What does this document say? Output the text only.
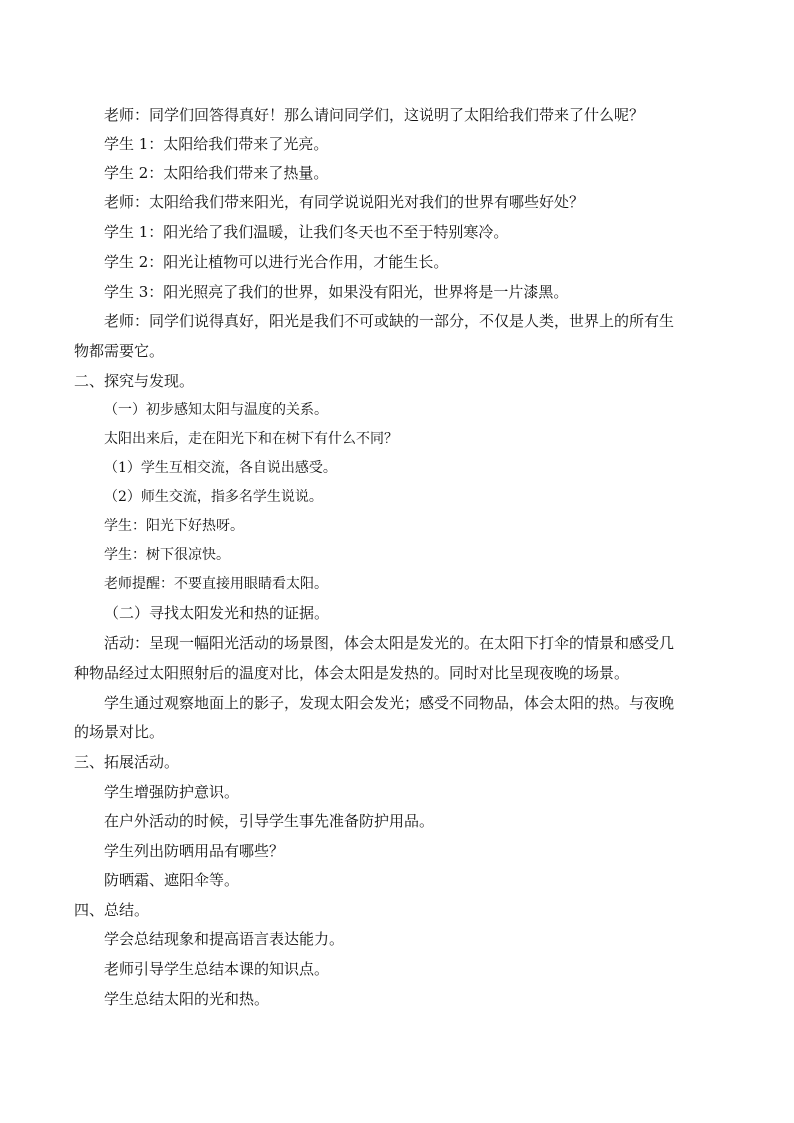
老师：同学们回答得真好！那么请问同学们，这说明了太阳给我们带来了什么呢？
学生 1：太阳给我们带来了光亮。
学生 2：太阳给我们带来了热量。
老师：太阳给我们带来阳光，有同学说说阳光对我们的世界有哪些好处？
学生 1：阳光给了我们温暖，让我们冬天也不至于特别寒冷。
学生 2：阳光让植物可以进行光合作用，才能生长。
学生 3：阳光照亮了我们的世界，如果没有阳光，世界将是一片漆黑。
老师：同学们说得真好，阳光是我们不可或缺的一部分，不仅是人类，世界上的所有生
物都需要它。
二、探究与发现。
（一）初步感知太阳与温度的关系。
太阳出来后，走在阳光下和在树下有什么不同？
（1）学生互相交流，各自说出感受。
（2）师生交流，指多名学生说说。
学生：阳光下好热呀。
学生：树下很凉快。
老师提醒：不要直接用眼睛看太阳。
（二）寻找太阳发光和热的证据。
活动：呈现一幅阳光活动的场景图，体会太阳是发光的。在太阳下打伞的情景和感受几
种物品经过太阳照射后的温度对比，体会太阳是发热的。同时对比呈现夜晚的场景。
学生通过观察地面上的影子，发现太阳会发光；感受不同物品，体会太阳的热。与夜晚
的场景对比。
三、拓展活动。
学生增强防护意识。
在户外活动的时候，引导学生事先准备防护用品。
学生列出防晒用品有哪些？
防晒霜、遮阳伞等。
四、总结。
学会总结现象和提高语言表达能力。
老师引导学生总结本课的知识点。
学生总结太阳的光和热。
